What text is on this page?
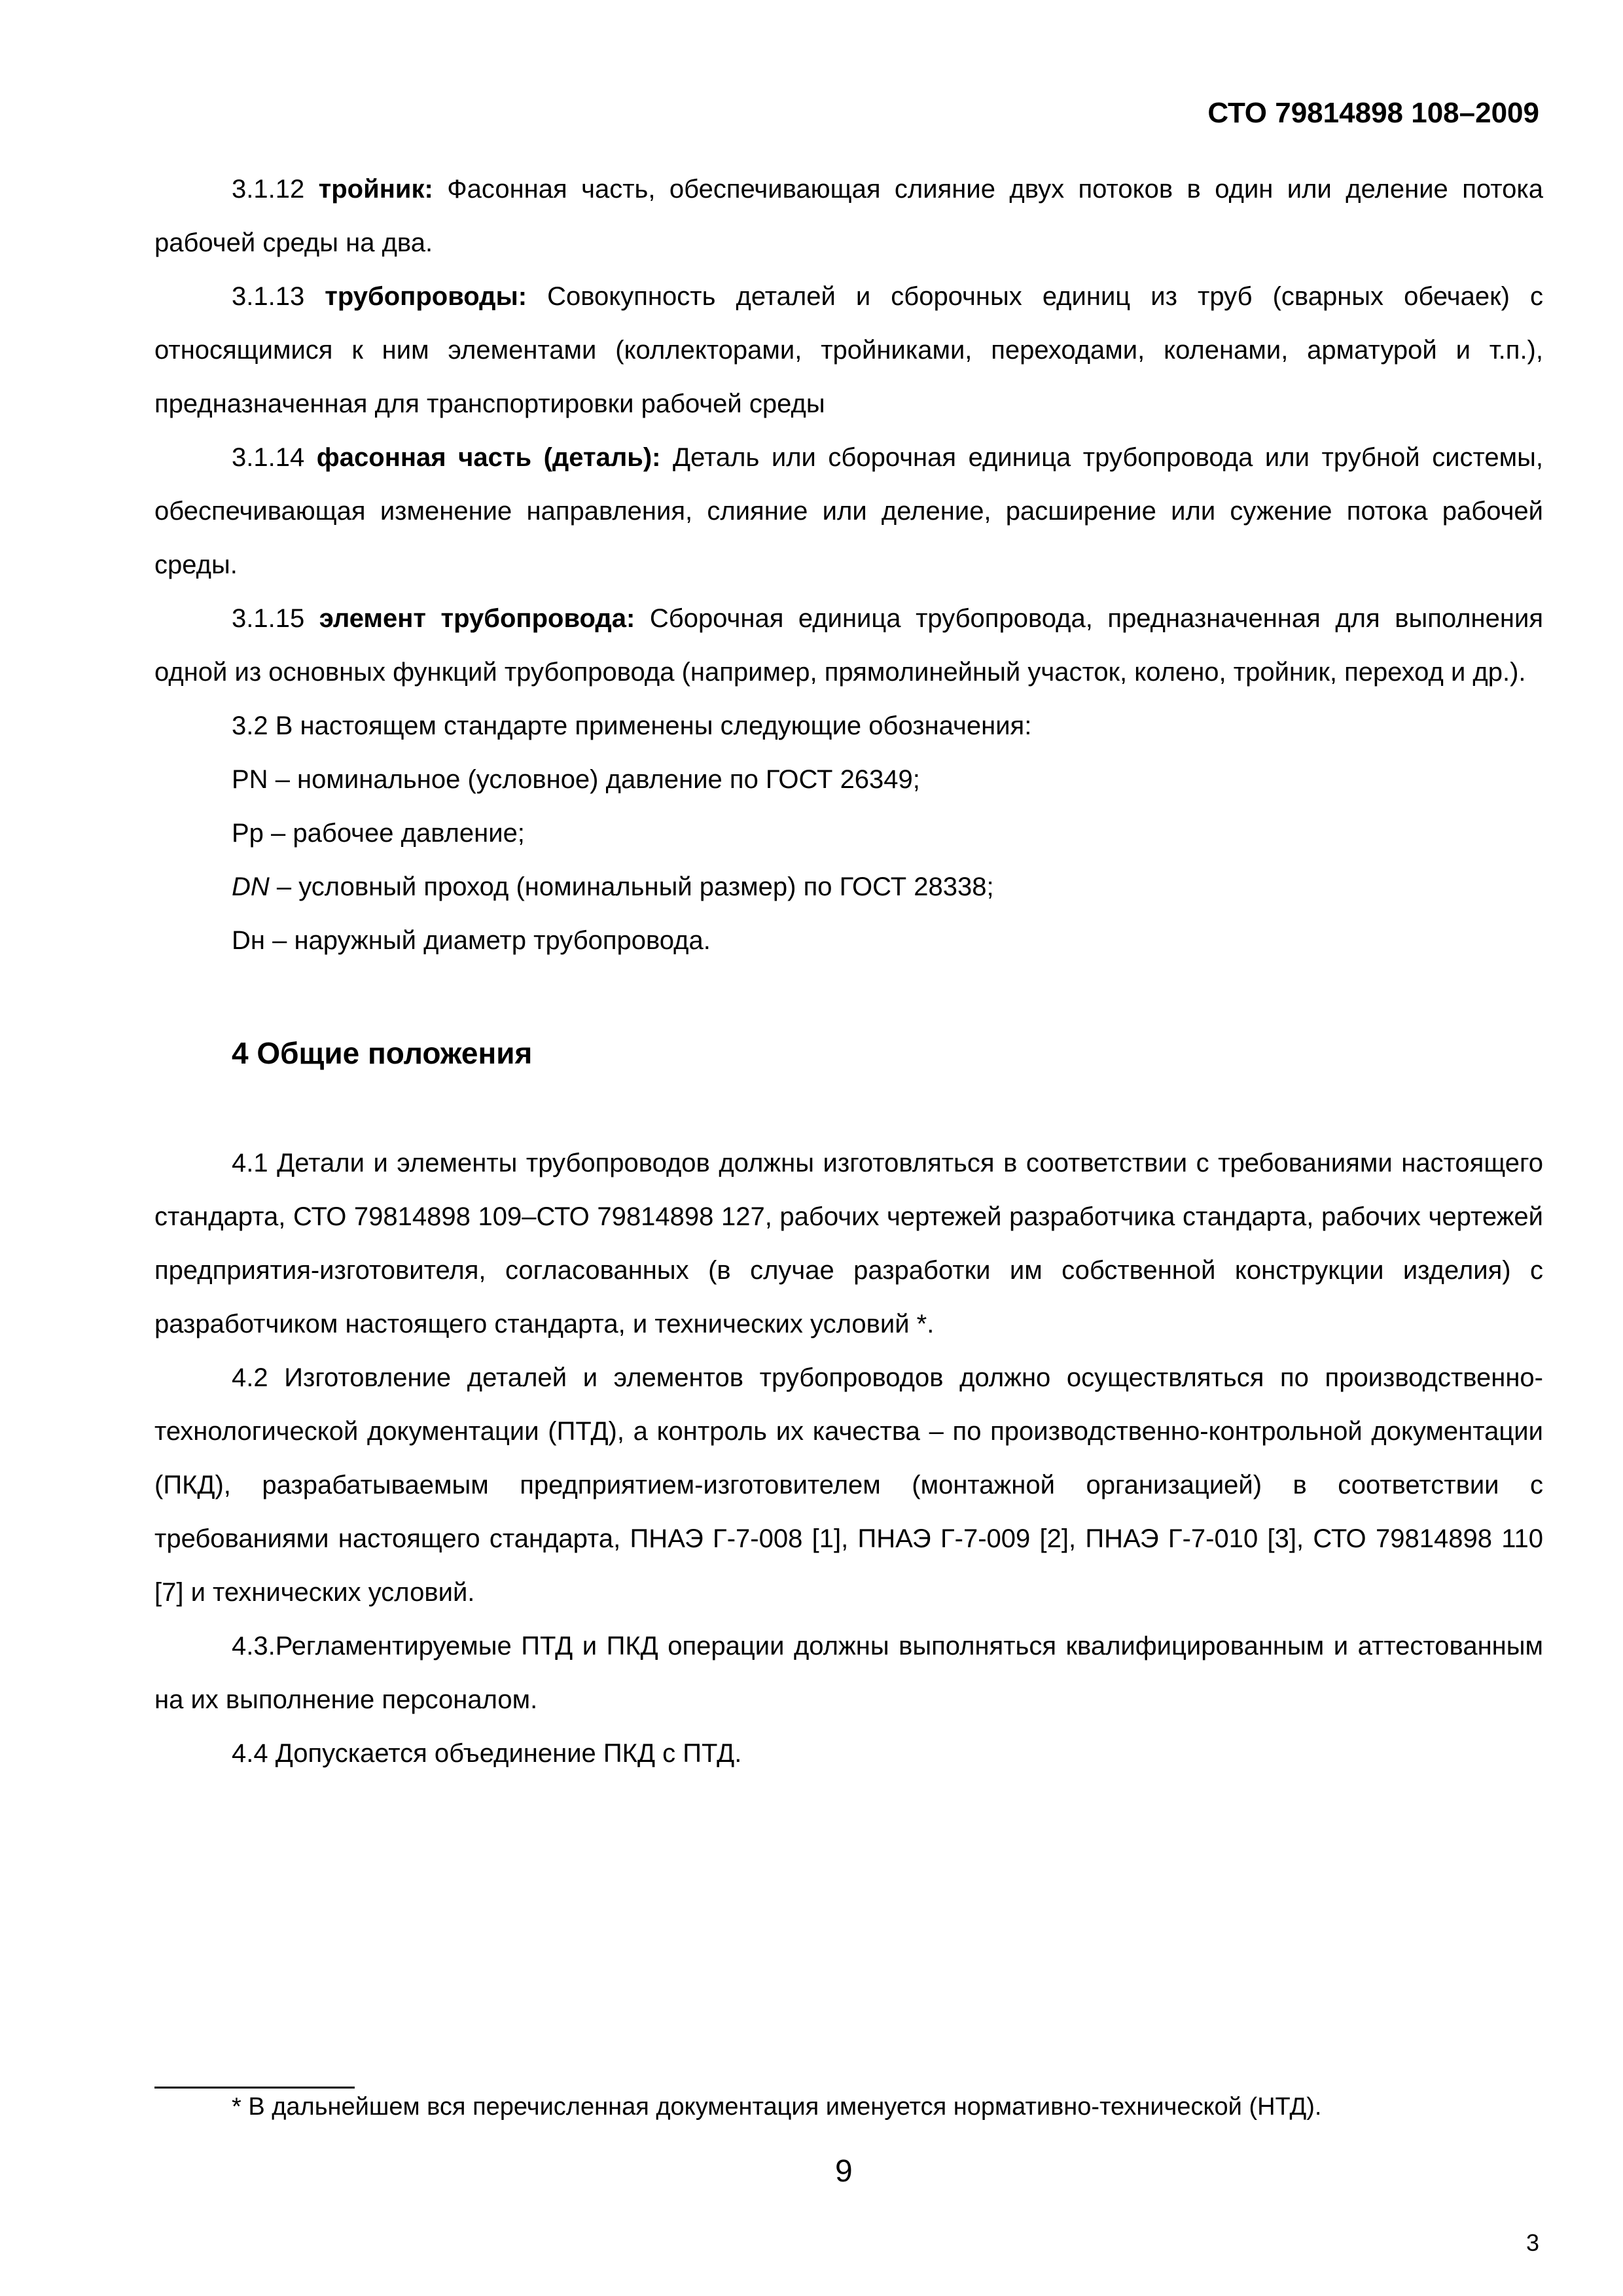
СТО 79814898 108–2009

3.1.12 тройник: Фасонная часть, обеспечивающая слияние двух потоков в один или деление потока рабочей среды на два.

3.1.13 трубопроводы: Совокупность деталей и сборочных единиц из труб (сварных обечаек) с относящимися к ним элементами (коллекторами, тройниками, переходами, коленами, арматурой и т.п.), предназначенная для транспортировки рабочей среды

3.1.14 фасонная часть (деталь): Деталь или сборочная единица трубопровода или трубной системы, обеспечивающая изменение направления, слияние или деление, расширение или сужение потока рабочей среды.

3.1.15 элемент трубопровода: Сборочная единица трубопровода, предназначенная для выполнения одной из основных функций трубопровода (например, прямолинейный участок, колено, тройник, переход и др.).

3.2 В настоящем стандарте применены следующие обозначения:

PN – номинальное (условное) давление по ГОСТ 26349;

Pp – рабочее давление;

DN – условный проход (номинальный размер) по ГОСТ 28338;

Dн – наружный диаметр трубопровода.

4 Общие положения

4.1 Детали и элементы трубопроводов должны изготовляться в соответствии с требованиями настоящего стандарта, СТО 79814898 109–СТО 79814898 127, рабочих чертежей разработчика стандарта, рабочих чертежей предприятия-изготовителя, согласованных (в случае разработки им собственной конструкции изделия) с разработчиком настоящего стандарта, и технических условий *.

4.2 Изготовление деталей и элементов трубопроводов должно осуществляться по производственно-технологической документации (ПТД), а контроль их качества – по производственно-контрольной документации (ПКД), разрабатываемым предприятием-изготовителем (монтажной организацией) в соответствии с требованиями настоящего стандарта, ПНАЭ Г-7-008 [1], ПНАЭ Г-7-009 [2], ПНАЭ Г-7-010 [3], СТО 79814898 110 [7] и технических условий.

4.3.Регламентируемые ПТД и ПКД операции должны выполняться квалифицированным и аттестованным на их выполнение персоналом.

4.4 Допускается объединение ПКД с ПТД.

* В дальнейшем вся перечисленная документация именуется нормативно-технической (НТД).
9
3
